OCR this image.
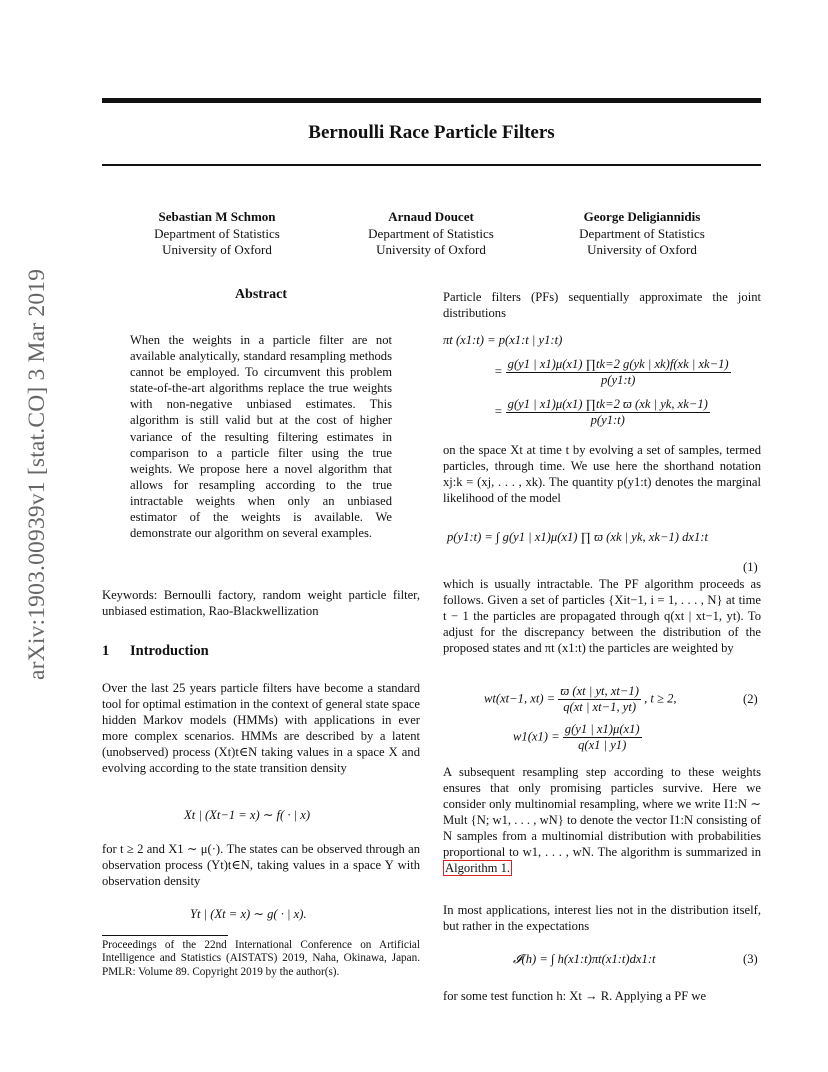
Bernoulli Race Particle Filters
Sebastian M Schmon
Department of Statistics
University of Oxford
Arnaud Doucet
Department of Statistics
University of Oxford
George Deligiannidis
Department of Statistics
University of Oxford
arXiv:1903.00939v1 [stat.CO] 3 Mar 2019	Abstract
When the weights in a particle filter are not available analytically, standard resampling methods cannot be employed. To circumvent this problem state-of-the-art algorithms replace the true weights with non-negative unbiased estimates. This algorithm is still valid but at the cost of higher variance of the resulting filtering estimates in comparison to a particle filter using the true weights. We propose here a novel algorithm that allows for resampling according to the true intractable weights when only an unbiased estimator of the weights is available. We demonstrate our algorithm on several examples.
Keywords: Bernoulli factory, random weight particle filter, unbiased estimation, Rao-Blackwellization
1 Introduction
Over the last 25 years particle filters have become a standard tool for optimal estimation in the context of general state space hidden Markov models (HMMs) with applications in ever more complex scenarios. HMMs are described by a latent (unobserved) process (Xt)t∈N taking values in a space X and evolving according to the state transition density
Xt | (Xt−1 = x) ∼ f( · | x)
for t ≥ 2 and X1 ∼ μ(·). The states can be observed through an observation process (Yt)t∈N, taking values in a space Y with observation density
Yt | (Xt = x) ∼ g( · | x).
Proceedings of the 22nd International Conference on Artificial Intelligence and Statistics (AISTATS) 2019, Naha, Okinawa, Japan. PMLR: Volume 89. Copyright 2019 by the author(s).
Particle filters (PFs) sequentially approximate the joint distributions
πt (x1:t) = p(x1:t | y1:t)
= $\frac{g(y1 | x1)\mu(x1) \prod tk=2 g(yk | xk)f(xk | xk-1)}{p(y1:t)}$
= $\frac{g(y1 | x1)\mu(x1) \prod tk=2 ϖ (xk | yk, xk-1)}{p(y1:t)}$
on the space Xt at time t by evolving a set of samples, termed particles, through time. We use here the shorthand notation xj:k = (xj, . . . , xk). The quantity p(y1:t) denotes the marginal likelihood of the model
p(y1:t) = ∫ g(y1 | x1)μ(x1) ∏ ϖ (xk | yk, xk−1) dx1:t
(1)
which is usually intractable. The PF algorithm proceeds as follows. Given a set of particles {Xit−1, i = 1, . . . , N} at time t − 1 the particles are propagated through q(xt | xt−1, yt). To adjust for the discrepancy between the distribution of the proposed states and πt (x1:t) the particles are weighted by
wt(xt−1, $xt) = \frac{ϖ (xt | yt, xt-1)}{q(xt | xt-1, yt)}$ , t ≥ 2,	(2)
$w1(x1) = \frac{g(y1 | x1)\mu(x1)}{q(x1 | y1)}$
A subsequent resampling step according to these weights ensures that only promising particles survive. Here we consider only multinomial resampling, where we write I1:N ∼ Mult {N; w1, . . . , wN} to denote the vector I1:N consisting of N samples from a multinomial distribution with probabilities proportional to w1, . . . , wN. The algorithm is summarized in Algorithm 1.
In most applications, interest lies not in the distribution itself, but rather in the expectations
𝓘(h) = ∫ h(x1:t)πt(x1:t)dx1:t	(3)
for some test function h: Xt → R. Applying a PF we
